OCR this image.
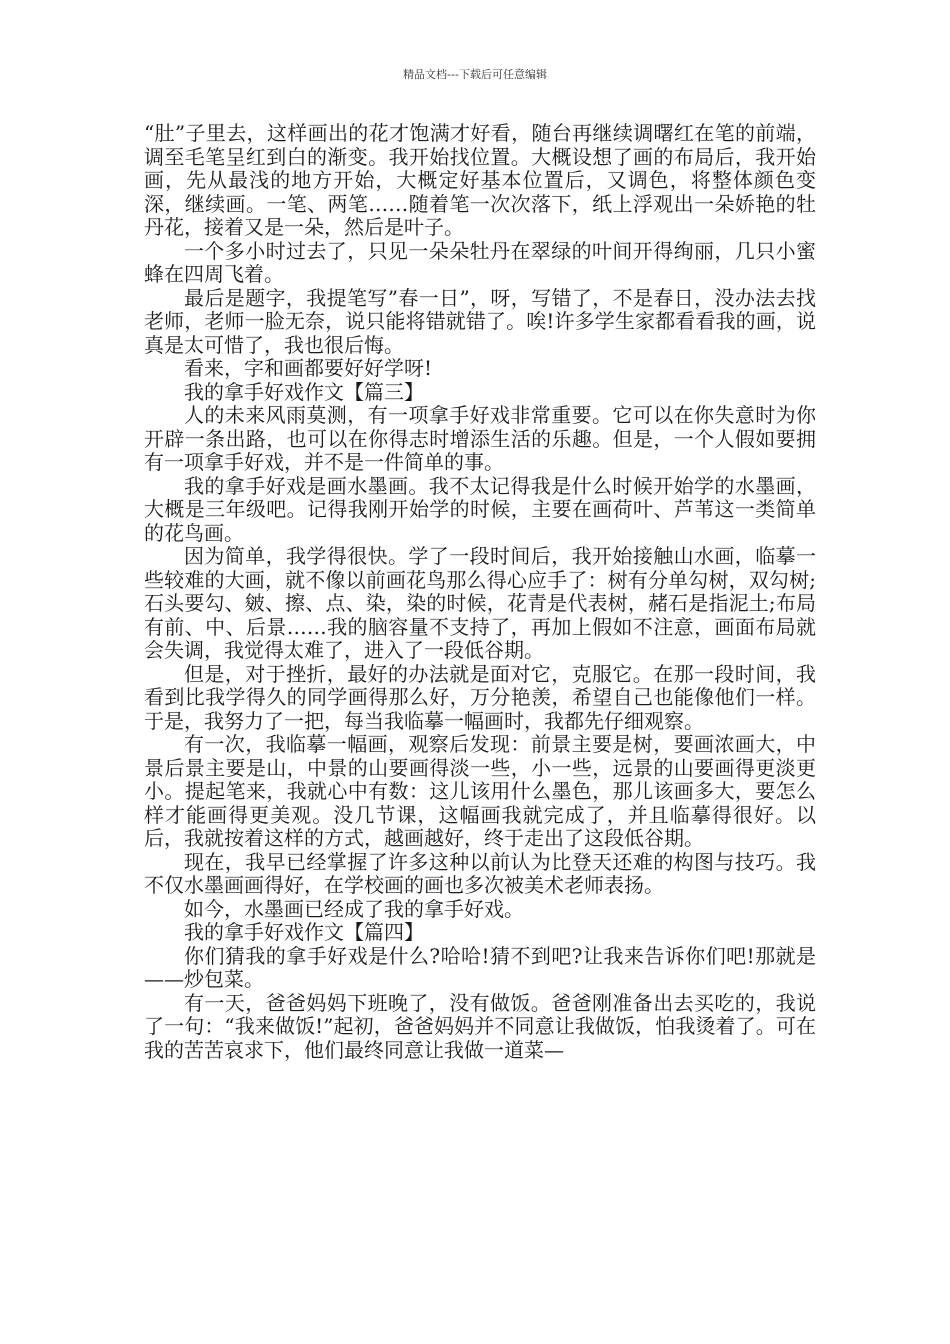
精品文档---下载后可任意编辑

“肚”子里去，这样画出的花才饱满才好看，随台再继续调曙红在笔的前端，调至毛笔呈红到白的渐变。我开始找位置。大概设想了画的布局后，我开始画，先从最浅的地方开始，大概定好基本位置后，又调色，将整体颜色变深，继续画。一笔、两笔……随着笔一次次落下，纸上浮观出一朵娇艳的牡丹花，接着又是一朵，然后是叶子。

一个多小时过去了，只见一朵朵牡丹在翠绿的叶间开得绚丽，几只小蜜蜂在四周飞着。

最后是题字，我提笔写”春一日”，呀，写错了，不是春日，没办法去找老师，老师一脸无奈，说只能将错就错了。唉!许多学生家都看看我的画，说真是太可惜了，我也很后悔。

看来，字和画都要好好学呀!

我的拿手好戏作文【篇三】

人的未来风雨莫测，有一项拿手好戏非常重要。它可以在你失意时为你开辟一条出路，也可以在你得志时增添生活的乐趣。但是，一个人假如要拥有一项拿手好戏，并不是一件简单的事。

我的拿手好戏是画水墨画。我不太记得我是什么时候开始学的水墨画，大概是三年级吧。记得我刚开始学的时候，主要在画荷叶、芦苇这一类简单的花鸟画。

因为简单，我学得很快。学了一段时间后，我开始接触山水画，临摹一些较难的大画，就不像以前画花鸟那么得心应手了：树有分单勾树，双勾树;石头要勾、皴、擦、点、染，染的时候，花青是代表树，赭石是指泥土;布局有前、中、后景……我的脑容量不支持了，再加上假如不注意，画面布局就会失调，我觉得太难了，进入了一段低谷期。

但是，对于挫折，最好的办法就是面对它，克服它。在那一段时间，我看到比我学得久的同学画得那么好，万分艳羡，希望自己也能像他们一样。于是，我努力了一把，每当我临摹一幅画时，我都先仔细观察。

有一次，我临摹一幅画，观察后发现：前景主要是树，要画浓画大，中景后景主要是山，中景的山要画得淡一些，小一些，远景的山要画得更淡更小。提起笔来，我就心中有数：这儿该用什么墨色，那儿该画多大，要怎么样才能画得更美观。没几节课，这幅画我就完成了，并且临摹得很好。以后，我就按着这样的方式，越画越好，终于走出了这段低谷期。

现在，我早已经掌握了许多这种以前认为比登天还难的构图与技巧。我不仅水墨画画得好，在学校画的画也多次被美术老师表扬。

如今，水墨画已经成了我的拿手好戏。

我的拿手好戏作文【篇四】

你们猜我的拿手好戏是什么?哈哈!猜不到吧?让我来告诉你们吧!那就是——炒包菜。

有一天，爸爸妈妈下班晚了，没有做饭。爸爸刚准备出去买吃的，我说了一句：“我来做饭!”起初，爸爸妈妈并不同意让我做饭，怕我烫着了。可在我的苦苦哀求下，他们最终同意让我做一道菜—
